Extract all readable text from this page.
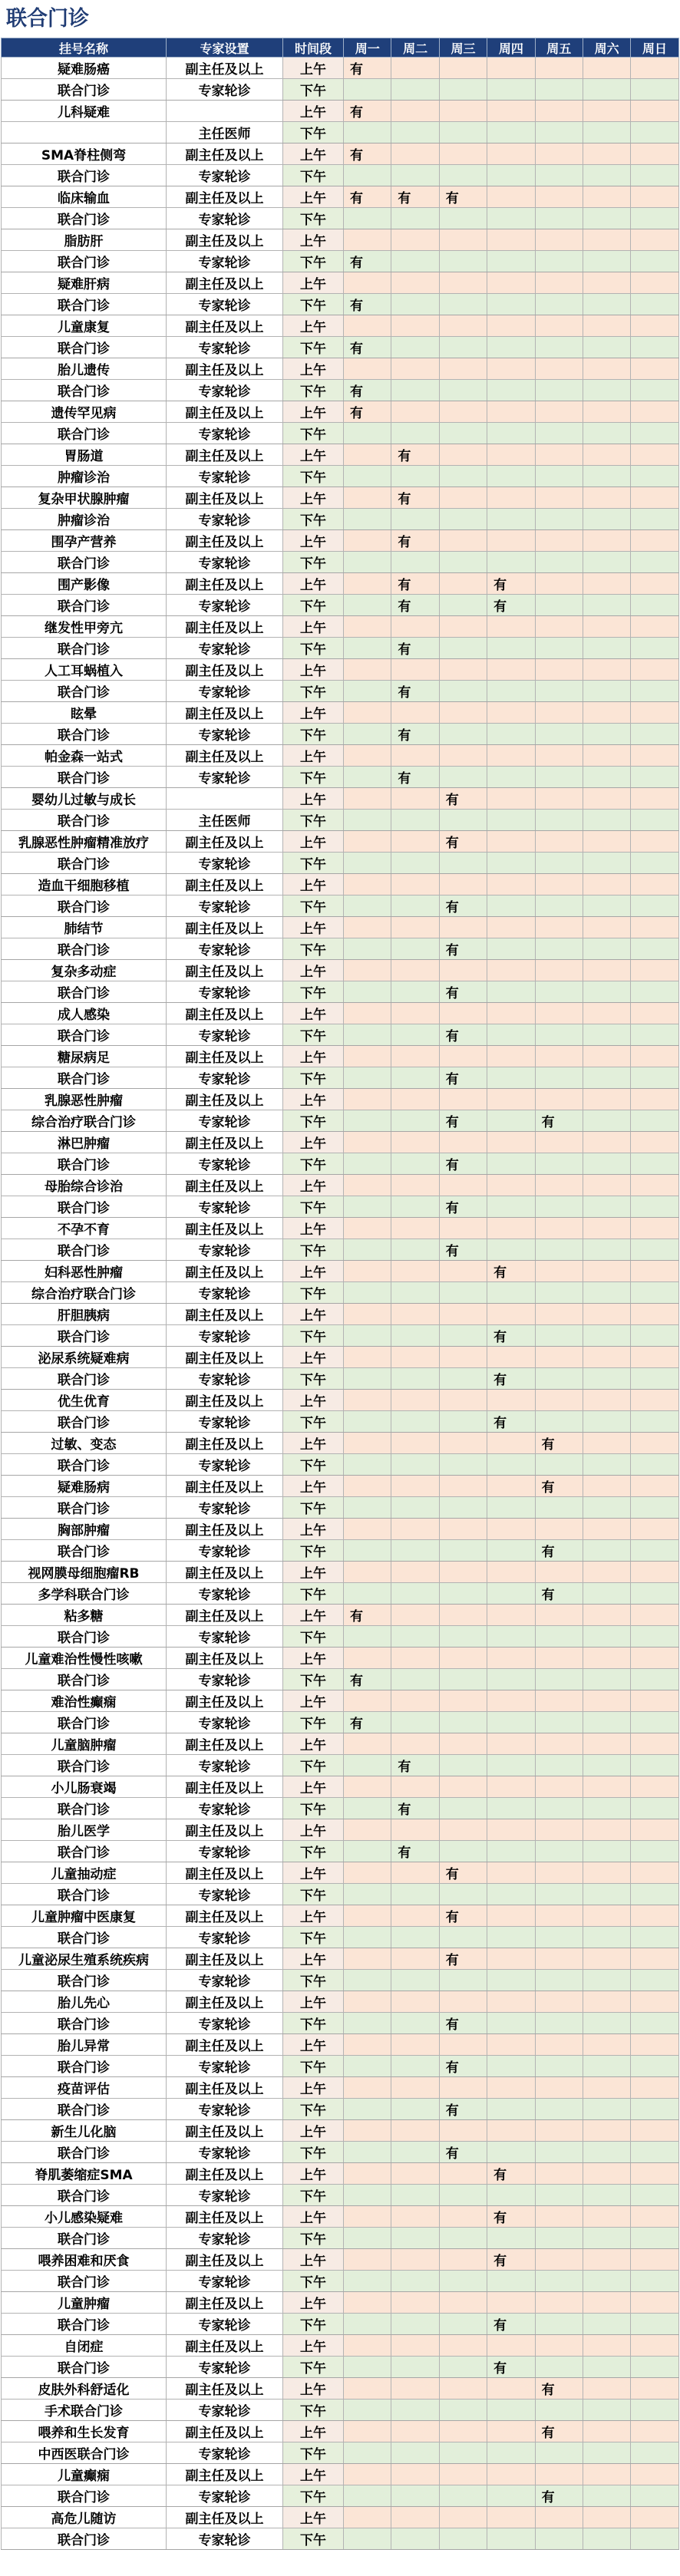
联合门诊
挂号名称	专家设置	时间段	周一	周二	周三	周四	周五	周六	周日
疑难肠癌	副主任及以上	上午	有						
联合门诊	专家轮诊	下午							
儿科疑难		上午	有						
	主任医师	下午							
SMA脊柱侧弯	副主任及以上	上午	有						
联合门诊	专家轮诊	下午							
临床输血	副主任及以上	上午	有	有	有				
联合门诊	专家轮诊	下午							
脂肪肝	副主任及以上	上午							
联合门诊	专家轮诊	下午	有						
疑难肝病	副主任及以上	上午							
联合门诊	专家轮诊	下午	有						
儿童康复	副主任及以上	上午							
联合门诊	专家轮诊	下午	有						
胎儿遗传	副主任及以上	上午							
联合门诊	专家轮诊	下午	有						
遗传罕见病	副主任及以上	上午	有						
联合门诊	专家轮诊	下午							
胃肠道	副主任及以上	上午		有					
肿瘤诊治	专家轮诊	下午							
复杂甲状腺肿瘤	副主任及以上	上午		有					
肿瘤诊治	专家轮诊	下午							
围孕产营养	副主任及以上	上午		有					
联合门诊	专家轮诊	下午							
围产影像	副主任及以上	上午		有		有			
联合门诊	专家轮诊	下午		有		有			
继发性甲旁亢	副主任及以上	上午							
联合门诊	专家轮诊	下午		有					
人工耳蜗植入	副主任及以上	上午							
联合门诊	专家轮诊	下午		有					
眩晕	副主任及以上	上午							
联合门诊	专家轮诊	下午		有					
帕金森一站式	副主任及以上	上午							
联合门诊	专家轮诊	下午		有					
婴幼儿过敏与成长		上午			有				
联合门诊	主任医师	下午							
乳腺恶性肿瘤精准放疗	副主任及以上	上午			有				
联合门诊	专家轮诊	下午							
造血干细胞移植	副主任及以上	上午							
联合门诊	专家轮诊	下午			有				
肺结节	副主任及以上	上午							
联合门诊	专家轮诊	下午			有				
复杂多动症	副主任及以上	上午							
联合门诊	专家轮诊	下午			有				
成人感染	副主任及以上	上午							
联合门诊	专家轮诊	下午			有				
糖尿病足	副主任及以上	上午							
联合门诊	专家轮诊	下午			有				
乳腺恶性肿瘤	副主任及以上	上午							
综合治疗联合门诊	专家轮诊	下午			有		有		
淋巴肿瘤	副主任及以上	上午							
联合门诊	专家轮诊	下午			有				
母胎综合诊治	副主任及以上	上午							
联合门诊	专家轮诊	下午			有				
不孕不育	副主任及以上	上午							
联合门诊	专家轮诊	下午			有				
妇科恶性肿瘤	副主任及以上	上午				有			
综合治疗联合门诊	专家轮诊	下午							
肝胆胰病	副主任及以上	上午							
联合门诊	专家轮诊	下午				有			
泌尿系统疑难病	副主任及以上	上午							
联合门诊	专家轮诊	下午				有			
优生优育	副主任及以上	上午							
联合门诊	专家轮诊	下午				有			
过敏、变态	副主任及以上	上午					有		
联合门诊	专家轮诊	下午							
疑难肠病	副主任及以上	上午					有		
联合门诊	专家轮诊	下午							
胸部肿瘤	副主任及以上	上午							
联合门诊	专家轮诊	下午					有		
视网膜母细胞瘤RB	副主任及以上	上午							
多学科联合门诊	专家轮诊	下午					有		
粘多糖	副主任及以上	上午	有						
联合门诊	专家轮诊	下午							
儿童难治性慢性咳嗽	副主任及以上	上午							
联合门诊	专家轮诊	下午	有						
难治性癫痫	副主任及以上	上午							
联合门诊	专家轮诊	下午	有						
儿童脑肿瘤	副主任及以上	上午							
联合门诊	专家轮诊	下午		有					
小儿肠衰竭	副主任及以上	上午							
联合门诊	专家轮诊	下午		有					
胎儿医学	副主任及以上	上午							
联合门诊	专家轮诊	下午		有					
儿童抽动症	副主任及以上	上午			有				
联合门诊	专家轮诊	下午							
儿童肿瘤中医康复	副主任及以上	上午			有				
联合门诊	专家轮诊	下午							
儿童泌尿生殖系统疾病	副主任及以上	上午			有				
联合门诊	专家轮诊	下午							
胎儿先心	副主任及以上	上午							
联合门诊	专家轮诊	下午			有				
胎儿异常	副主任及以上	上午							
联合门诊	专家轮诊	下午			有				
疫苗评估	副主任及以上	上午							
联合门诊	专家轮诊	下午			有				
新生儿化脑	副主任及以上	上午							
联合门诊	专家轮诊	下午			有				
脊肌萎缩症SMA	副主任及以上	上午				有			
联合门诊	专家轮诊	下午							
小儿感染疑难	副主任及以上	上午				有			
联合门诊	专家轮诊	下午							
喂养困难和厌食	副主任及以上	上午				有			
联合门诊	专家轮诊	下午							
儿童肿瘤	副主任及以上	上午							
联合门诊	专家轮诊	下午				有			
自闭症	副主任及以上	上午							
联合门诊	专家轮诊	下午				有			
皮肤外科舒适化	副主任及以上	上午					有		
手术联合门诊	专家轮诊	下午							
喂养和生长发育	副主任及以上	上午					有		
中西医联合门诊	专家轮诊	下午							
儿童癫痫	副主任及以上	上午							
联合门诊	专家轮诊	下午					有		
高危儿随访	副主任及以上	上午							
联合门诊	专家轮诊	下午							
